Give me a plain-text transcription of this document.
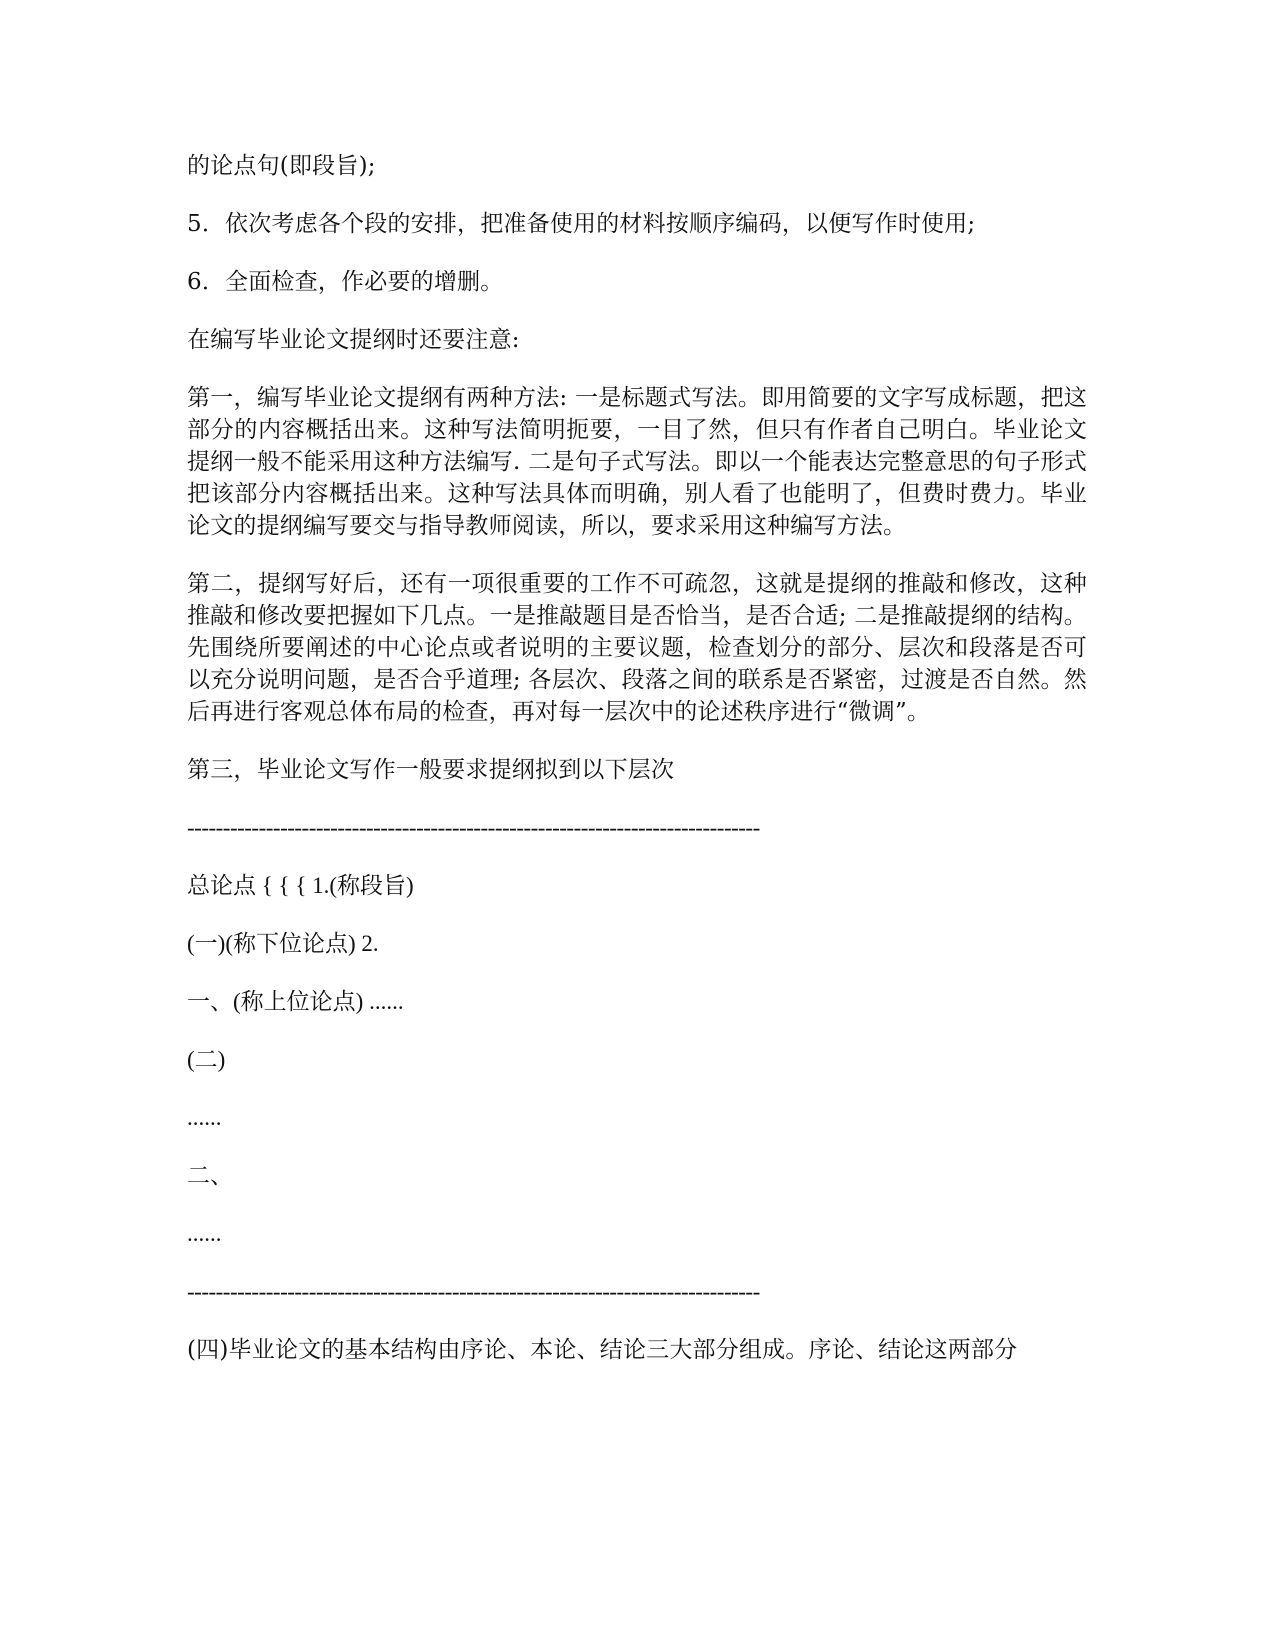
的论点句(即段旨);

5．依次考虑各个段的安排，把准备使用的材料按顺序编码，以便写作时使用;

6．全面检查，作必要的增删。

在编写毕业论文提纲时还要注意:

第一，编写毕业论文提纲有两种方法: 一是标题式写法。即用简要的文字写成标题，把这部分的内容概括出来。这种写法简明扼要，一目了然，但只有作者自己明白。毕业论文提纲一般不能采用这种方法编写. 二是句子式写法。即以一个能表达完整意思的句子形式把该部分内容概括出来。这种写法具体而明确，别人看了也能明了，但费时费力。毕业论文的提纲编写要交与指导教师阅读，所以，要求采用这种编写方法。

第二，提纲写好后，还有一项很重要的工作不可疏忽，这就是提纲的推敲和修改，这种推敲和修改要把握如下几点。一是推敲题目是否恰当，是否合适; 二是推敲提纲的结构。先围绕所要阐述的中心论点或者说明的主要议题，检查划分的部分、层次和段落是否可以充分说明问题，是否合乎道理; 各层次、段落之间的联系是否紧密，过渡是否自然。然后再进行客观总体布局的检查，再对每一层次中的论述秩序进行“微调”。

第三，毕业论文写作一般要求提纲拟到以下层次

--------------------------------------------------------------------------------
总论点 { { { 1.(称段旨)
(一)(称下位论点) 2.
一、(称上位论点) ......
(二)
......
二、
......
--------------------------------------------------------------------------------

(四)毕业论文的基本结构由序论、本论、结论三大部分组成。序论、结论这两部分
